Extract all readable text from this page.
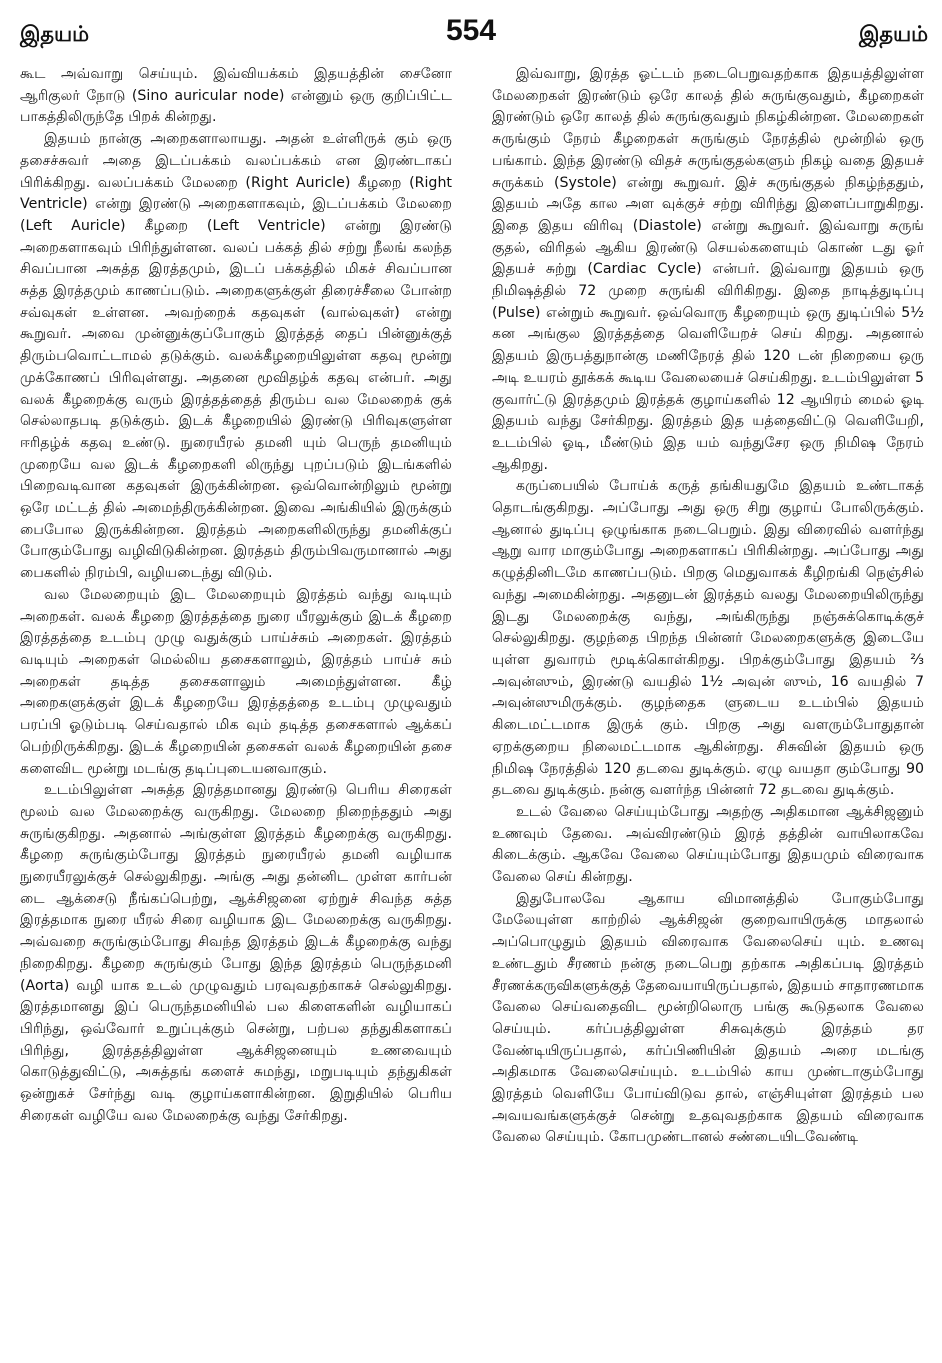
இதயம்	554	இதயம்

கூட அவ்வாறு செய்யும். இவ்வியக்கம் இதயத்தின் சைனோ ஆரிகுலர் நோடு (Sino auricular node) என்னும் ஒரு குறிப்பிட்ட பாகத்திலிருந்தே பிறக் கின்றது.

இதயம் நான்கு அறைகளாலாயது. அதன் உள்ளிருக் கும் ஒரு தசைச்சுவர் அதை இடப்பக்கம் வலப்பக்கம் என இரண்டாகப் பிரிக்கிறது. வலப்பக்கம் மேலறை (Right Auricle) கீழறை (Right Ventricle) என்று இரண்டு அறைகளாகவும், இடப்பக்கம் மேலறை (Left Auricle) கீழறை (Left Ventricle) என்று இரண்டு அறைகளாகவும் பிரிந்துள்ளன. வலப் பக்கத் தில் சற்று நீலங் கலந்த சிவப்பான அசுத்த இரத்தமும், இடப் பக்கத்தில் மிகச் சிவப்பான சுத்த இரத்தமும் காணப்படும். அறைகளுக்குள் திரைச்சீலை போன்ற சவ்வுகள் உள்ளன. அவற்றைக் கதவுகள் (வால்வுகள்) என்று கூறுவர். அவை முன்னுக்குப்போகும் இரத்தத் தைப் பின்னுக்குத் திரும்பவொட்டாமல் தடுக்கும். வலக்கீழறையிலுள்ள கதவு மூன்று முக்கோணப் பிரிவுள்ளது. அதனை மூவிதழ்க் கதவு என்பர். அது வலக் கீழறைக்கு வரும் இரத்தத்தைத் திரும்ப வல மேலறைக் குக் செல்லாதபடி தடுக்கும். இடக் கீழறையில் இரண்டு பிரிவுகளுள்ள ஈரிதழ்க் கதவு உண்டு. நுரையீரல் தமனி யும் பெருந் தமனியும் முறையே வல இடக் கீழறைகளி லிருந்து புறப்படும் இடங்களில் பிறைவடிவான கதவுகள் இருக்கின்றன. ஒவ்வொன்றிலும் மூன்று ஒரே மட்டத் தில் அமைந்திருக்கின்றன. இவை அங்கியில் இருக்கும் பைபோல இருக்கின்றன. இரத்தம் அறைகளிலிருந்து தமனிக்குப் போகும்போது வழிவிடுகின்றன. இரத்தம் திரும்பிவருமானால் அது பைகளில் நிரம்பி, வழியடைந்து விடும்.

வல மேலறையும் இட மேலறையும் இரத்தம் வந்து வடியும் அறைகள். வலக் கீழறை இரத்தத்தை நுரை யீரலுக்கும் இடக் கீழறை இரத்தத்தை உடம்பு முழு வதுக்கும் பாய்ச்சும் அறைகள். இரத்தம் வடியும் அறைகள் மெல்லிய தசைகளாலும், இரத்தம் பாய்ச் சும் அறைகள் தடித்த தசைகளாலும் அமைந்துள்ளன. கீழ் அறைகளுக்குள் இடக் கீழறையே இரத்தத்தை உடம்பு முழுவதும் பரப்பி ஓடும்படி செய்வதால் மிக வும் தடித்த தசைகளால் ஆக்கப் பெற்றிருக்கிறது. இடக் கீழறையின் தசைகள் வலக் கீழறையின் தசை களைவிட மூன்று மடங்கு தடிப்புடையனவாகும்.

உடம்பிலுள்ள அசுத்த இரத்தமானது இரண்டு பெரிய சிரைகள் மூலம் வல மேலறைக்கு வருகிறது. மேலறை நிறைந்ததும் அது சுருங்குகிறது. அதனால் அங்குள்ள இரத்தம் கீழறைக்கு வருகிறது. கீழறை சுருங்கும்போது இரத்தம் நுரையீரல் தமனி வழியாக நுரையீரலுக்குச் செல்லுகிறது. அங்கு அது தன்னிட முள்ள கார்பன் டை ஆக்சைடு நீங்கப்பெற்று, ஆக்சிஜனை ஏற்றுச் சிவந்த சுத்த இரத்தமாக நுரை யீரல் சிரை வழியாக இட மேலறைக்கு வருகிறது. அவ்வறை சுருங்கும்போது சிவந்த இரத்தம் இடக் கீழறைக்கு வந்து நிறைகிறது. கீழறை சுருங்கும் போது இந்த இரத்தம் பெருந்தமனி (Aorta) வழி யாக உடல் முழுவதும் பரவுவதற்காகச் செல்லுகிறது. இரத்தமானது இப் பெருந்தமனியில் பல கிளைகளின் வழியாகப் பிரிந்து, ஒவ்வோர் உறுப்புக்கும் சென்று, பற்பல தந்துகிகளாகப் பிரிந்து, இரத்தத்திலுள்ள ஆக்சிஜனையும் உணவையும் கொடுத்துவிட்டு, அசுத்தங் களைச் சுமந்து, மறுபடியும் தந்துகிகள் ஒன்றுகச் சேர்ந்து வடி குழாய்களாகின்றன. இறுதியில் பெரிய சிரைகள் வழியே வல மேலறைக்கு வந்து சேர்கிறது.

இவ்வாறு, இரத்த ஓட்டம் நடைபெறுவதற்காக இதயத்திலுள்ள மேலறைகள் இரண்டும் ஒரே காலத் தில் சுருங்குவதும், கீழறைகள் இரண்டும் ஒரே காலத் தில் சுருங்குவதும் நிகழ்கின்றன. மேலறைகள் சுருங்கும் நேரம் கீழறைகள் சுருங்கும் நேரத்தில் மூன்றில் ஒரு பங்காம். இந்த இரண்டு விதச் சுருங்குதல்களும் நிகழ் வதை இதயச் சுருக்கம் (Systole) என்று கூறுவர். இச் சுருங்குதல் நிகழ்ந்ததும், இதயம் அதே கால அள வுக்குச் சற்று விரிந்து இளைப்பாறுகிறது. இதை இதய விரிவு (Diastole) என்று கூறுவர். இவ்வாறு சுருங் குதல், விரிதல் ஆகிய இரண்டு செயல்களையும் கொண் டது ஓர் இதயச் சுற்று (Cardiac Cycle) என்பர். இவ்வாறு இதயம் ஒரு நிமிஷத்தில் 72 முறை சுருங்கி விரிகிறது. இதை நாடித்துடிப்பு (Pulse) என்றும் கூறுவர். ஒவ்வொரு கீழறையும் ஒரு துடிப்பில் 5½ கன அங்குல இரத்தத்தை வெளியேறச் செய் கிறது. அதனால் இதயம் இருபத்துநான்கு மணிநேரத் தில் 120 டன் நிறையை ஒரு அடி உயரம் தூக்கக் கூடிய வேலையைச் செய்கிறது. உடம்பிலுள்ள 5 குவார்ட்டு இரத்தமும் இரத்தக் குழாய்களில் 12 ஆயிரம் மைல் ஓடி இதயம் வந்து சேர்கிறது. இரத்தம் இத யத்தைவிட்டு வெளியேறி, உடம்பில் ஓடி, மீண்டும் இத யம் வந்துசேர ஒரு நிமிஷ நேரம் ஆகிறது.

கருப்பையில் போய்க் கருத் தங்கியதுமே இதயம் உண்டாகத் தொடங்குகிறது. அப்போது அது ஒரு சிறு குழாய் போலிருக்கும். ஆனால் துடிப்பு ஒழுங்காக நடைபெறும். இது விரைவில் வளர்ந்து ஆறு வார மாகும்போது அறைகளாகப் பிரிகின்றது. அப்போது அது கழுத்தினிடமே காணப்படும். பிறகு மெதுவாகக் கீழிறங்கி நெஞ்சில் வந்து அமைகின்றது. அதனுடன் இரத்தம் வலது மேலறையிலிருந்து இடது மேலறைக்கு வந்து, அங்கிருந்து நஞ்சுக்கொடிக்குச் செல்லுகிறது. குழந்தை பிறந்த பின்னர் மேலறைகளுக்கு இடையே யுள்ள துவாரம் மூடிக்கொள்கிறது. பிறக்கும்போது இதயம் ⅔ அவுன்ஸும், இரண்டு வயதில் 1½ அவுன் ஸும், 16 வயதில் 7 அவுன்ஸுமிருக்கும். குழந்தைக ளுடைய உடம்பில் இதயம் கிடைமட்டமாக இருக் கும். பிறகு அது வளரும்போதுதான் ஏறக்குறைய நிலைமட்டமாக ஆகின்றது. சிசுவின் இதயம் ஒரு நிமிஷ நேரத்தில் 120 தடவை துடிக்கும். ஏழு வயதா கும்போது 90 தடவை துடிக்கும். நன்கு வளர்ந்த பின்னர் 72 தடவை துடிக்கும்.

உடல் வேலை செய்யும்போது அதற்கு அதிகமான ஆக்சிஜனும் உணவும் தேவை. அவ்விரண்டும் இரத் தத்தின் வாயிலாகவே கிடைக்கும். ஆகவே வேலை செய்யும்போது இதயமும் விரைவாக வேலை செய் கின்றது.

இதுபோலவே ஆகாய விமானத்தில் போகும்போது மேலேயுள்ள காற்றில் ஆக்சிஜன் குறைவாயிருக்கு மாதலால் அப்பொழுதும் இதயம் விரைவாக வேலைசெய் யும். உணவு உண்டதும் சீரணம் நன்கு நடைபெறு தற்காக அதிகப்படி இரத்தம் சீரணக்கருவிகளுக்குத் தேவையாயிருப்பதால், இதயம் சாதாரணமாக வேலை செய்வதைவிட மூன்றிலொரு பங்கு கூடுதலாக வேலை செய்யும். கர்ப்பத்திலுள்ள சிசுவுக்கும் இரத்தம் தர வேண்டியிருப்பதால், கர்ப்பிணியின் இதயம் அரை மடங்கு அதிகமாக வேலைசெய்யும். உடம்பில் காய முண்டாகும்போது இரத்தம் வெளியே போய்விடுவ தால், எஞ்சியுள்ள இரத்தம் பல அவயவங்களுக்குச் சென்று உதவுவதற்காக இதயம் விரைவாக வேலை செய்யும். கோபமுண்டானல் சண்டையிடவேண்டி
